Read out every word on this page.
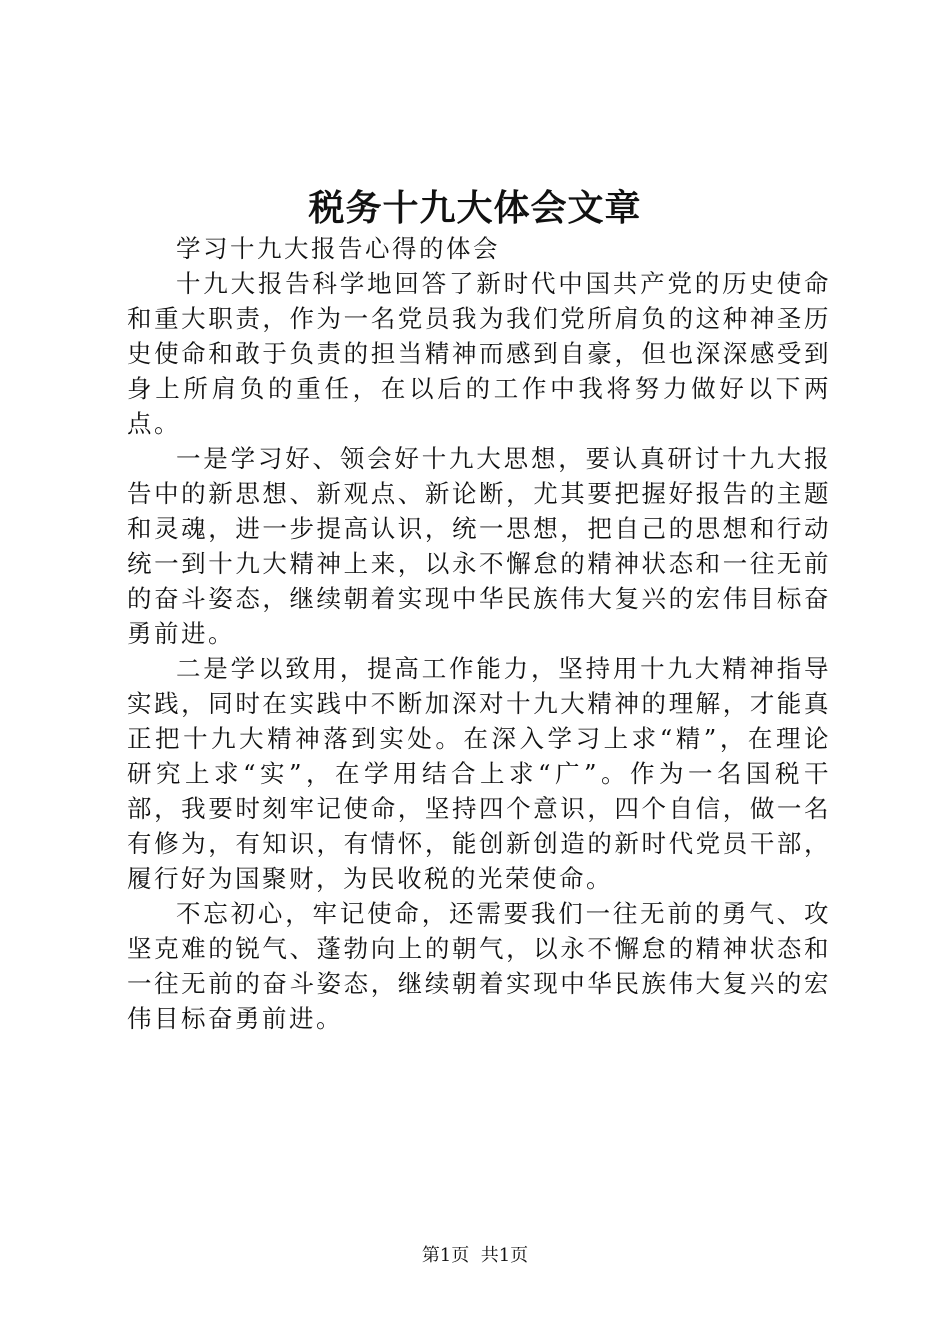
税务十九大体会文章

学习十九大报告心得的体会

十九大报告科学地回答了新时代中国共产党的历史使命和重大职责，作为一名党员我为我们党所肩负的这种神圣历史使命和敢于负责的担当精神而感到自豪，但也深深感受到身上所肩负的重任，在以后的工作中我将努力做好以下两点。

一是学习好、领会好十九大思想，要认真研讨十九大报告中的新思想、新观点、新论断，尤其要把握好报告的主题和灵魂，进一步提高认识，统一思想，把自己的思想和行动统一到十九大精神上来，以永不懈怠的精神状态和一往无前的奋斗姿态，继续朝着实现中华民族伟大复兴的宏伟目标奋勇前进。

二是学以致用，提高工作能力，坚持用十九大精神指导实践，同时在实践中不断加深对十九大精神的理解，才能真正把十九大精神落到实处。在深入学习上求“精”，在理论研究上求“实”，在学用结合上求“广”。作为一名国税干部，我要时刻牢记使命，坚持四个意识，四个自信，做一名有修为，有知识，有情怀，能创新创造的新时代党员干部，履行好为国聚财，为民收税的光荣使命。

不忘初心，牢记使命，还需要我们一往无前的勇气、攻坚克难的锐气、蓬勃向上的朝气，以永不懈怠的精神状态和一往无前的奋斗姿态，继续朝着实现中华民族伟大复兴的宏伟目标奋勇前进。

第1页  共1页
